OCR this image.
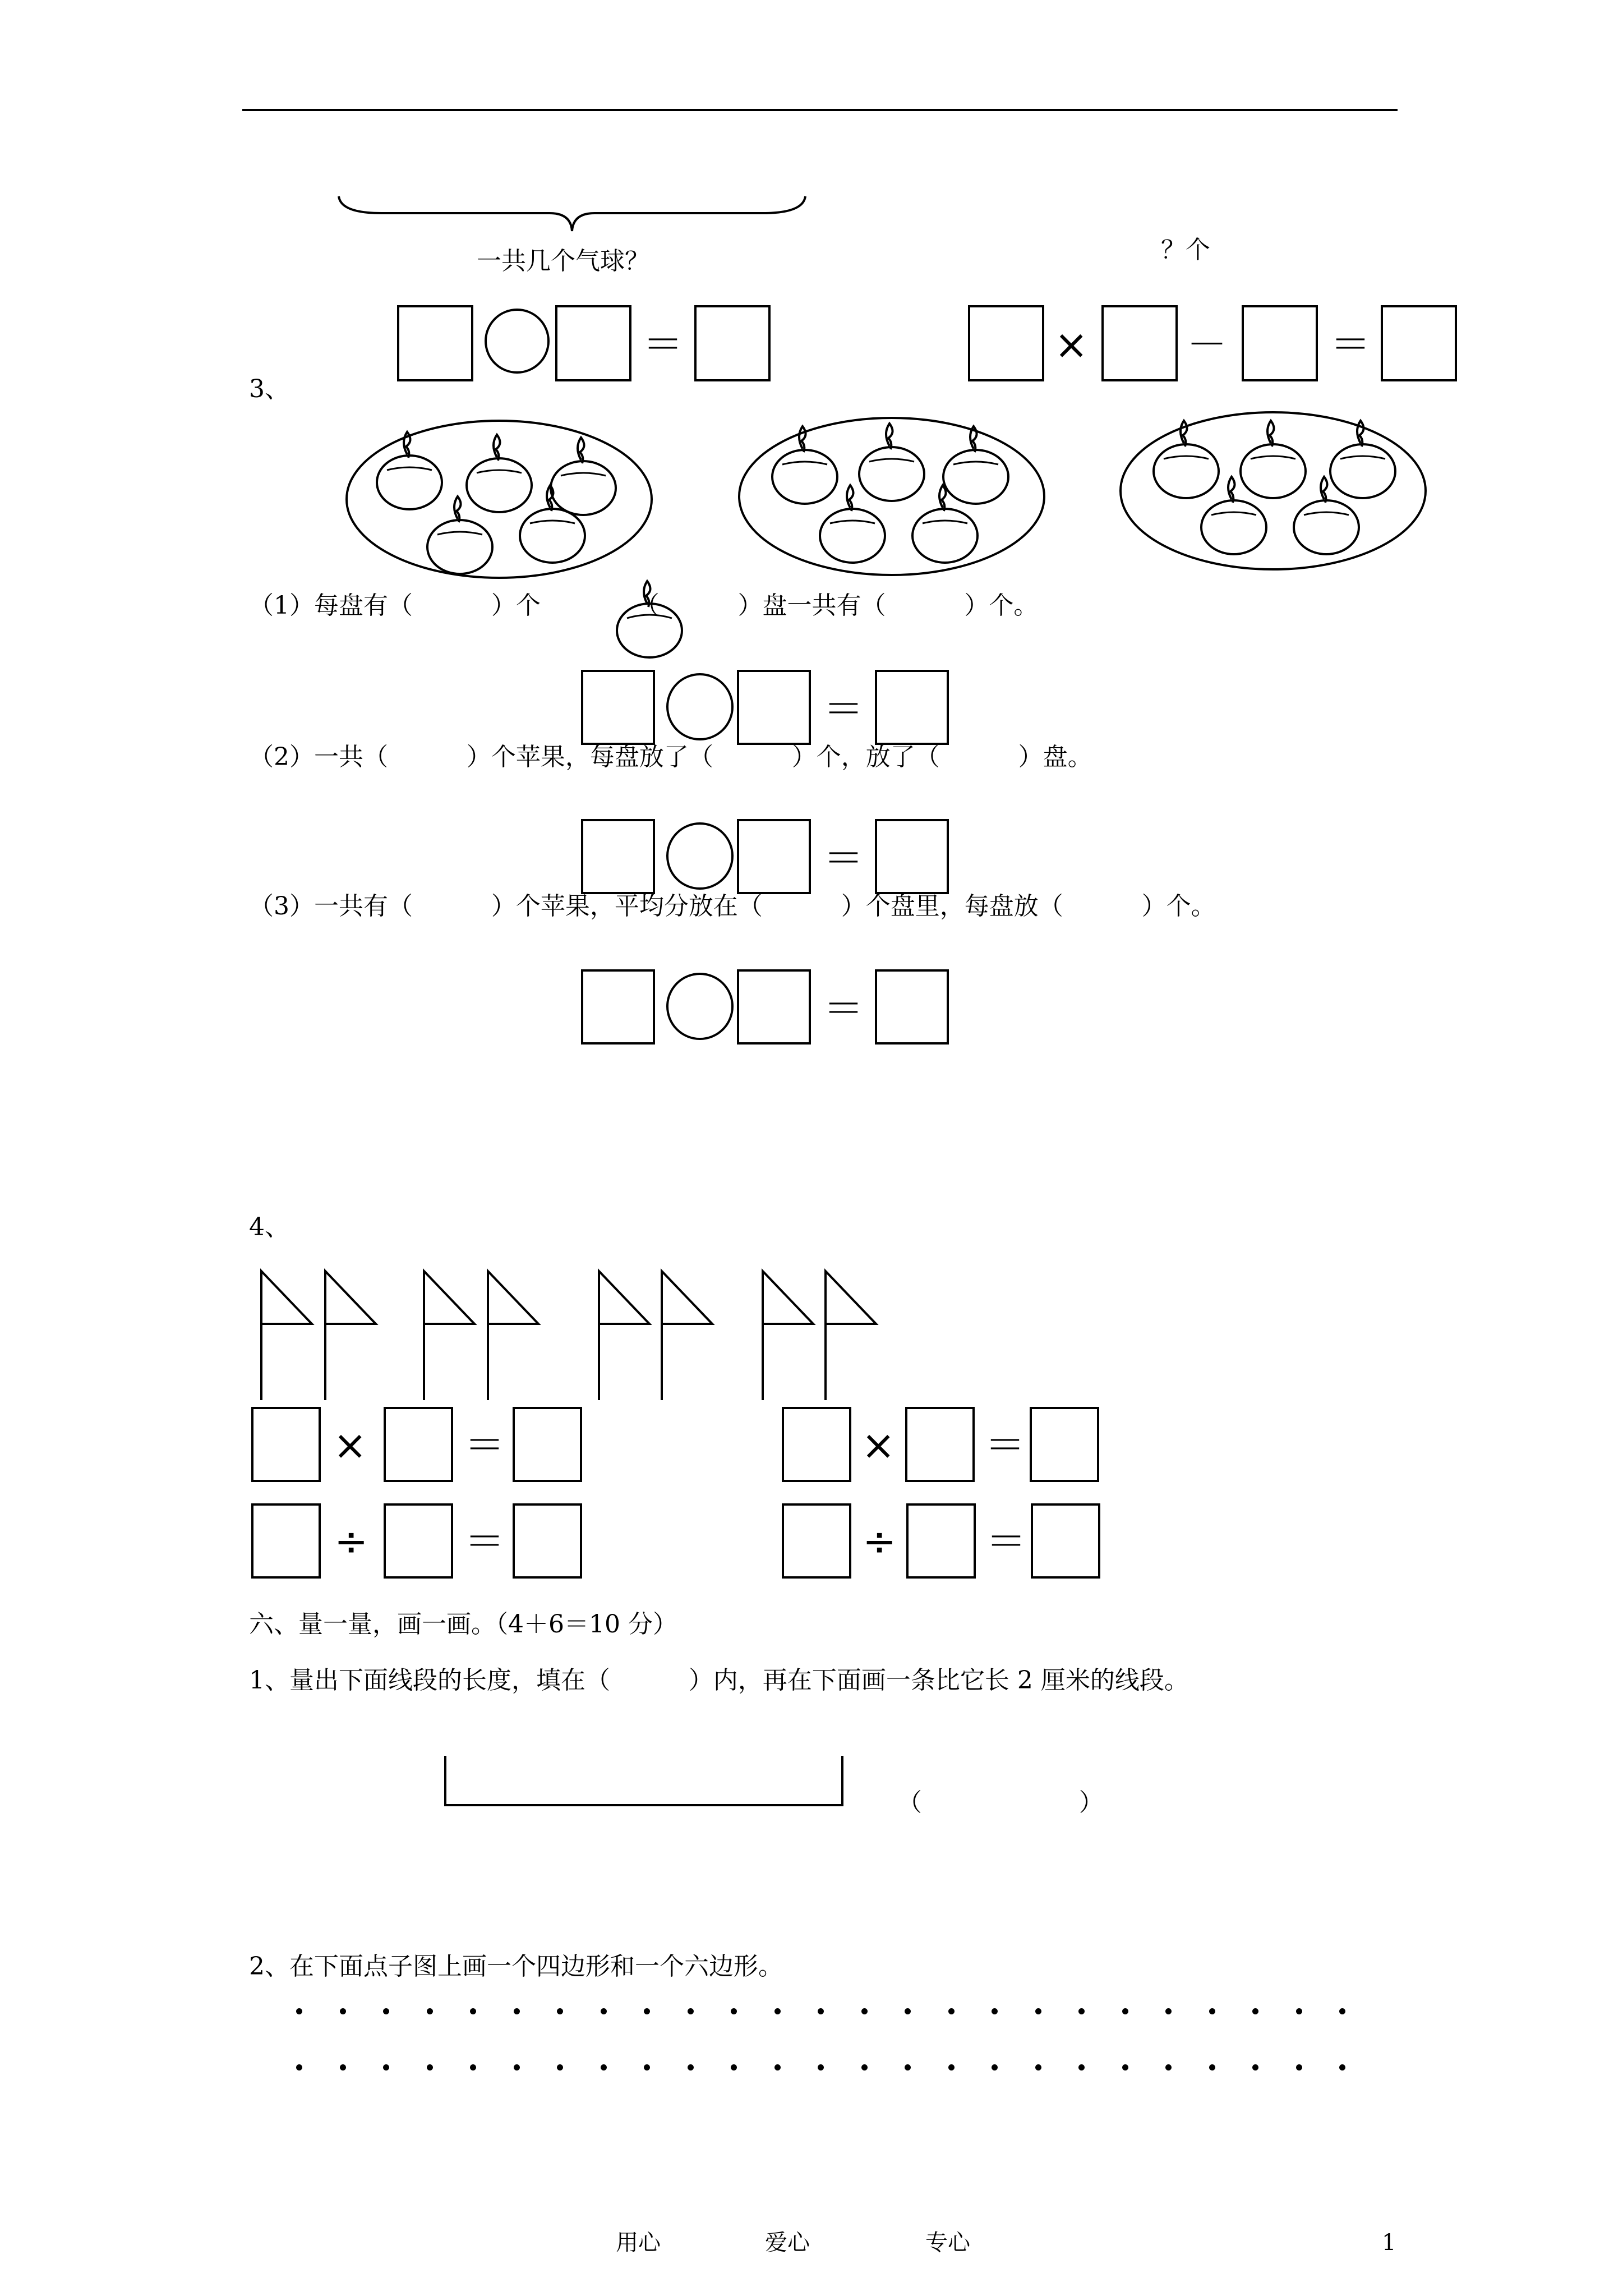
一共几个气球？	？个
＝	× －	＝
3、
（1）每盘有（          ）个            （          ）盘一共有（          ）个。
＝
（2）一共（          ）个苹果，每盘放了（          ）个，放了（          ）盘。
＝
（3）一共有（          ）个苹果，平均分放在（          ）个盘里，每盘放（          ）个。
＝
4、
× ＝
÷ ＝
× ＝
÷ ＝
六、量一量，画一画。（4＋6＝10 分）
1、量出下面线段的长度，填在（          ）内，再在下面画一条比它长 2 厘米的线段。
（                    ）
2、在下面点子图上画一个四边形和一个六边形。
用心	爱心	专心	1
